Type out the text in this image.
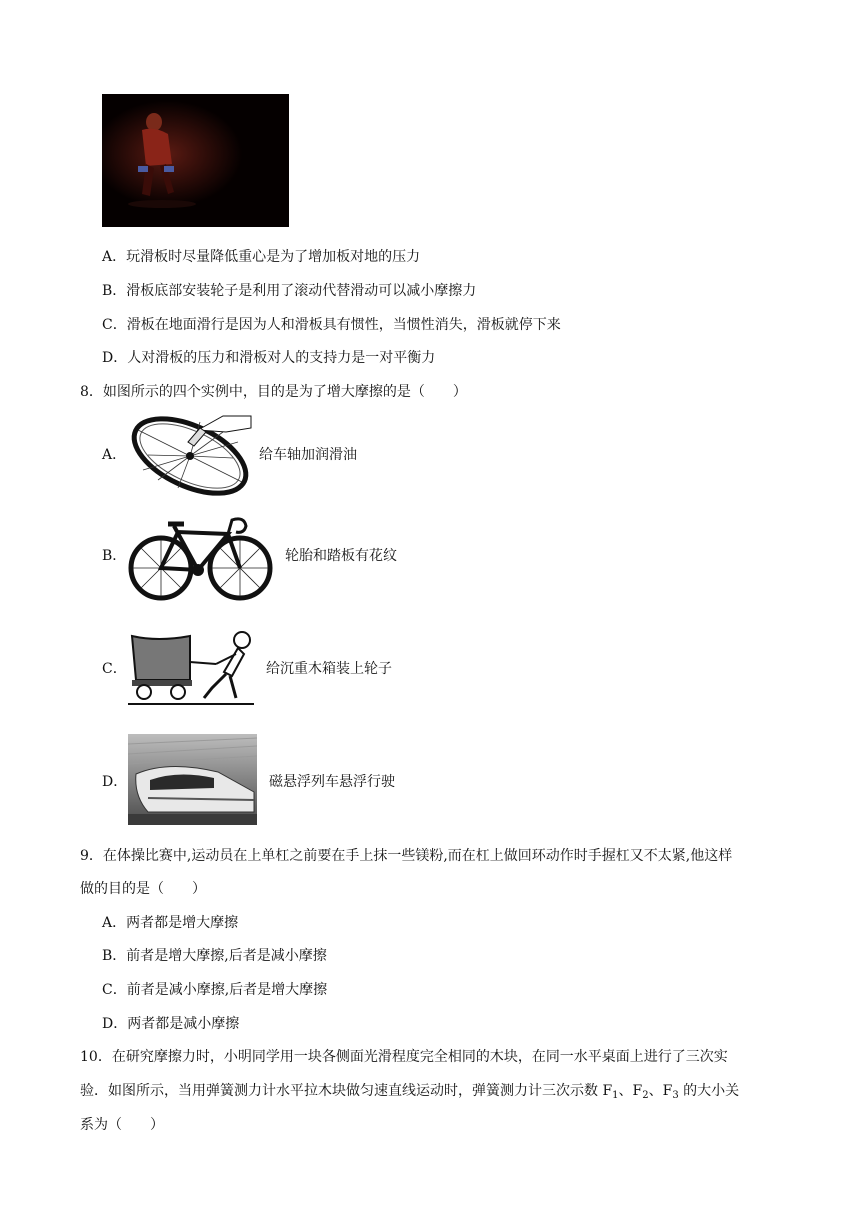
A．玩滑板时尽量降低重心是为了增加板对地的压力
B．滑板底部安装轮子是利用了滚动代替滑动可以减小摩擦力
C．滑板在地面滑行是因为人和滑板具有惯性，当惯性消失，滑板就停下来
D．人对滑板的压力和滑板对人的支持力是一对平衡力
8．如图所示的四个实例中，目的是为了增大摩擦的是（　　）
A．	给车轴加润滑油
B．	轮胎和踏板有花纹
C．	给沉重木箱装上轮子
D．	磁悬浮列车悬浮行驶
9．在体操比赛中,运动员在上单杠之前要在手上抹一些镁粉,而在杠上做回环动作时手握杠又不太紧,他这样
做的目的是（　　）
A．两者都是增大摩擦
B．前者是增大摩擦,后者是减小摩擦
C．前者是减小摩擦,后者是增大摩擦
D．两者都是减小摩擦
10．在研究摩擦力时，小明同学用一块各侧面光滑程度完全相同的木块，在同一水平桌面上进行了三次实
验．如图所示，当用弹簧测力计水平拉木块做匀速直线运动时，弹簧测力计三次示数 $F_1$、$F_2$、$F_3$ 的大小关
系为（　　）
